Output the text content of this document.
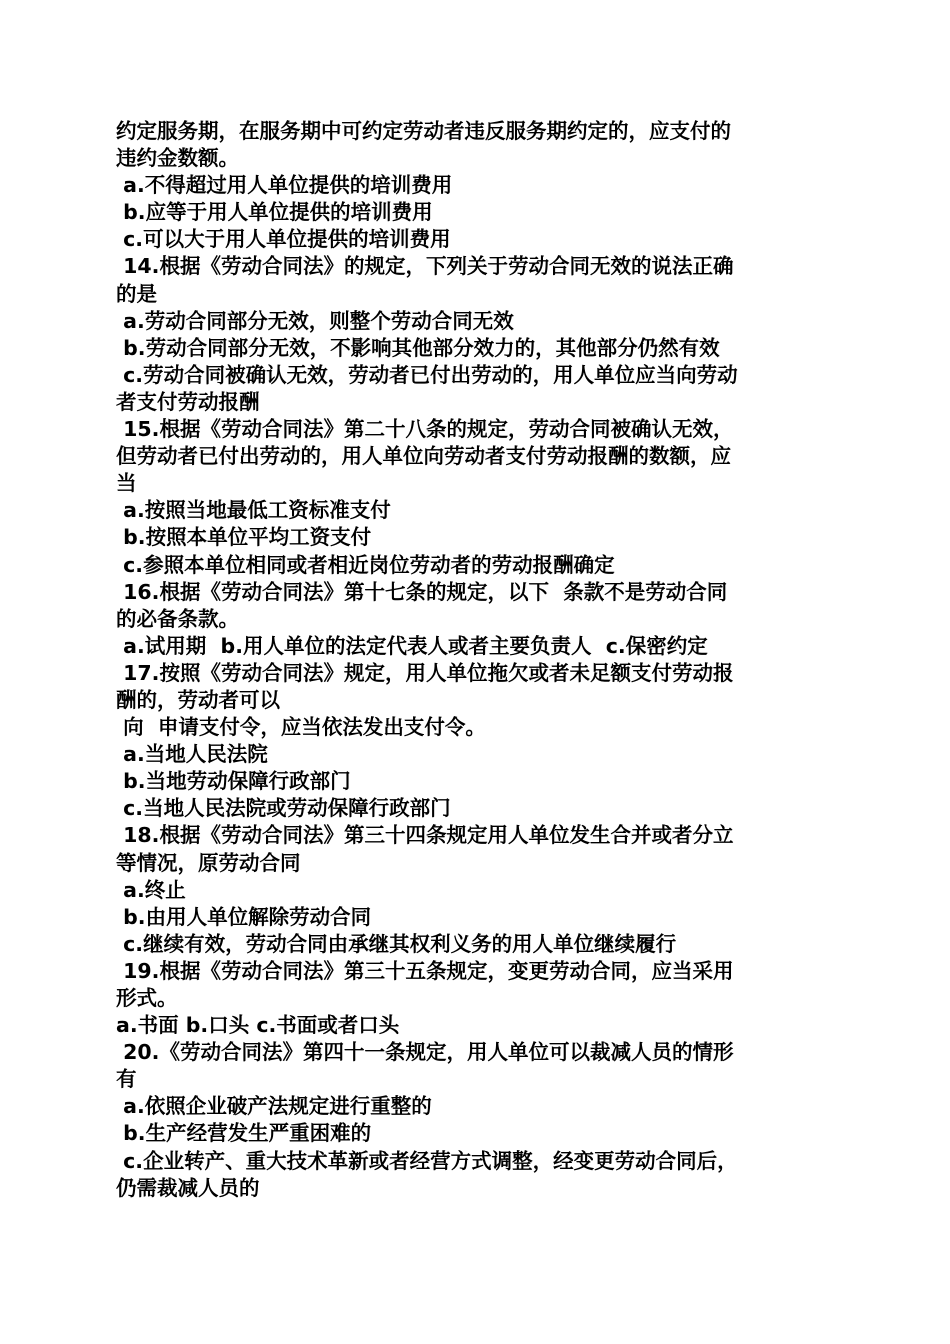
约定服务期，在服务期中可约定劳动者违反服务期约定的，应支付的
违约金数额。
a.不得超过用人单位提供的培训费用
b.应等于用人单位提供的培训费用
c.可以大于用人单位提供的培训费用
14.根据《劳动合同法》的规定，下列关于劳动合同无效的说法正确
的是
a.劳动合同部分无效，则整个劳动合同无效
b.劳动合同部分无效，不影响其他部分效力的，其他部分仍然有效
c.劳动合同被确认无效，劳动者已付出劳动的，用人单位应当向劳动
者支付劳动报酬
15.根据《劳动合同法》第二十八条的规定，劳动合同被确认无效，
但劳动者已付出劳动的，用人单位向劳动者支付劳动报酬的数额，应
当
a.按照当地最低工资标准支付
b.按照本单位平均工资支付
c.参照本单位相同或者相近岗位劳动者的劳动报酬确定
16.根据《劳动合同法》第十七条的规定，以下  条款不是劳动合同
的必备条款。
a.试用期  b.用人单位的法定代表人或者主要负责人  c.保密约定
17.按照《劳动合同法》规定，用人单位拖欠或者未足额支付劳动报
酬的，劳动者可以
向  申请支付令，应当依法发出支付令。
a.当地人民法院
b.当地劳动保障行政部门
c.当地人民法院或劳动保障行政部门
18.根据《劳动合同法》第三十四条规定用人单位发生合并或者分立
等情况，原劳动合同
a.终止
b.由用人单位解除劳动合同
c.继续有效，劳动合同由承继其权利义务的用人单位继续履行
19.根据《劳动合同法》第三十五条规定，变更劳动合同，应当采用
形式。
a.书面 b.口头 c.书面或者口头
20.《劳动合同法》第四十一条规定，用人单位可以裁减人员的情形
有
a.依照企业破产法规定进行重整的
b.生产经营发生严重困难的
c.企业转产、重大技术革新或者经营方式调整，经变更劳动合同后，
仍需裁减人员的
